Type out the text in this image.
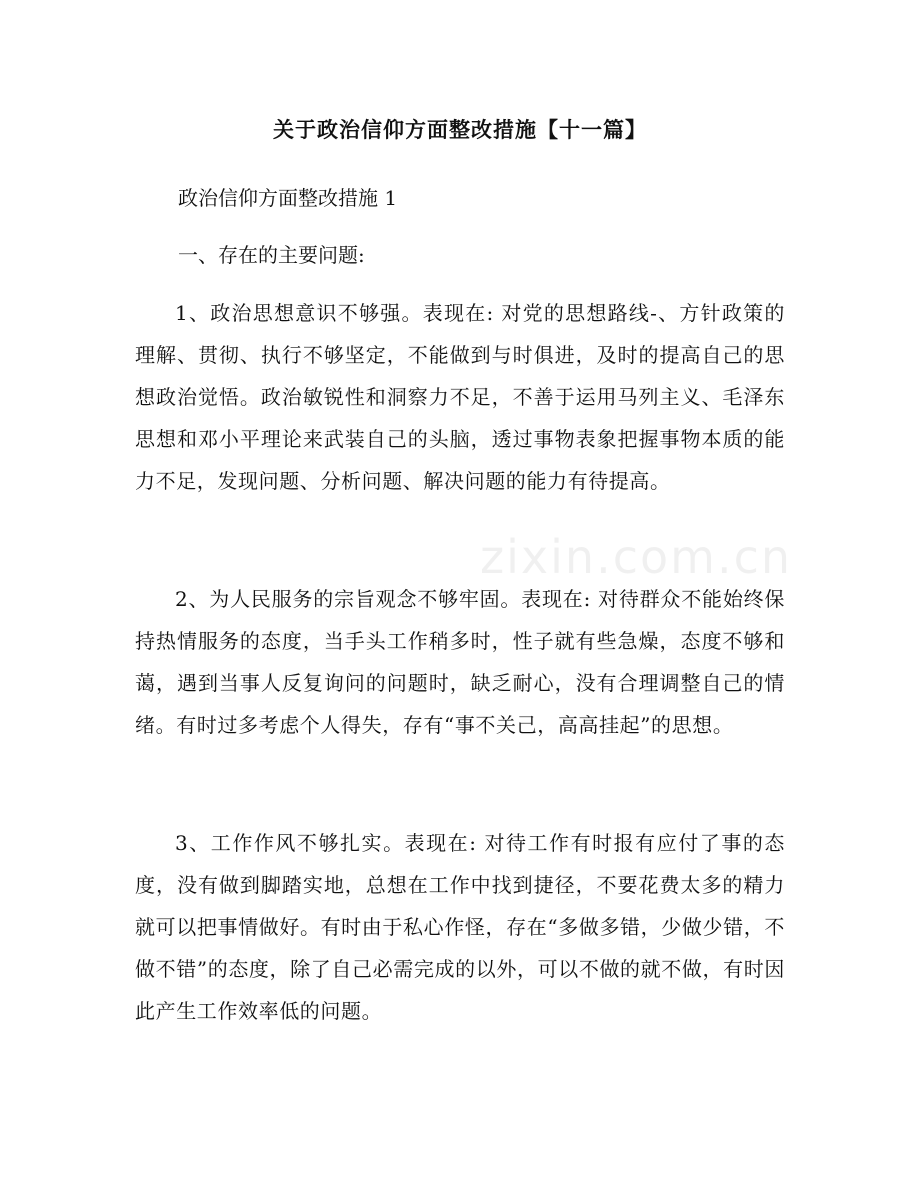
关于政治信仰方面整改措施【十一篇】

政治信仰方面整改措施 1

一、存在的主要问题:

1、政治思想意识不够强。表现在: 对党的思想路线-、方针政策的理解、贯彻、执行不够坚定，不能做到与时俱进，及时的提高自己的思想政治觉悟。政治敏锐性和洞察力不足，不善于运用马列主义、毛泽东思想和邓小平理论来武装自己的头脑，透过事物表象把握事物本质的能力不足，发现问题、分析问题、解决问题的能力有待提高。

2、为人民服务的宗旨观念不够牢固。表现在: 对待群众不能始终保持热情服务的态度，当手头工作稍多时，性子就有些急燥，态度不够和蔼，遇到当事人反复询问的问题时，缺乏耐心，没有合理调整自己的情绪。有时过多考虑个人得失，存有“事不关己，高高挂起”的思想。

3、工作作风不够扎实。表现在: 对待工作有时报有应付了事的态度，没有做到脚踏实地，总想在工作中找到捷径，不要花费太多的精力就可以把事情做好。有时由于私心作怪，存在“多做多错，少做少错，不做不错”的态度，除了自己必需完成的以外，可以不做的就不做，有时因此产生工作效率低的问题。

zixin.com.cn
